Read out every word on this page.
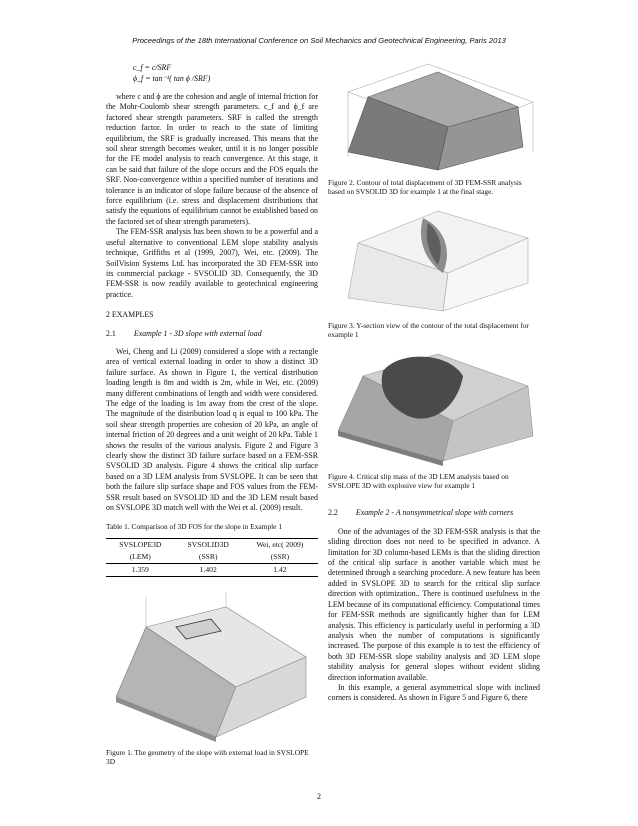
Proceedings of the 18th International Conference on Soil Mechanics and Geotechnical Engineering, Paris 2013

c_f = c/SRF

ϕ_f = tan⁻¹( tan ϕ /SRF)

where c and ϕ are the cohesion and angle of internal friction for the Mohr-Coulomb shear strength parameters. c_f and ϕ_f are factored shear strength parameters. SRF is called the strength reduction factor. In order to reach to the state of limiting equilibrium, the SRF is gradually increased. This means that the soil shear strength becomes weaker, until it is no longer possible for the FE model analysis to reach convergence. At this stage, it can be said that failure of the slope occurs and the FOS equals the SRF. Non-convergence within a specified number of iterations and tolerance is an indicator of slope failure because of the absence of force equilibrium (i.e. stress and displacement distributions that satisfy the equations of equilibrium cannot be established based on the factored set of shear strength parameters).

The FEM-SSR analysis has been shown to be a powerful and a useful alternative to conventional LEM slope stability analysis technique, Griffiths et al (1999, 2007), Wei, etc. (2009). The SoilVision Systems Ltd. has incorporated the 3D FEM-SSR into its commercial package - SVSOLID 3D. Consequently, the 3D FEM-SSR is now readily available to geotechnical engineering practice.

2 EXAMPLES

2.1 Example 1 - 3D slope with external load

Wei, Cheng and Li (2009) considered a slope with a rectangle area of vertical external loading in order to show a distinct 3D failure surface. As shown in Figure 1, the vertical distribution loading length is 8m and width is 2m, while in Wei, etc. (2009) many different combinations of length and width were considered. The edge of the loading is 1m away from the crest of the slope. The magnitude of the distribution load q is equal to 100 kPa. The soil shear strength properties are cohesion of 20 kPa, an angle of internal friction of 20 degrees and a unit weight of 20 kPa. Table 1 shows the results of the various analysis. Figure 2 and Figure 3 clearly show the distinct 3D failure surface based on a FEM-SSR SVSOLID 3D analysis. Figure 4 shows the critical slip surface based on a 3D LEM analysis from SVSLOPE. It can be seen that both the failure slip surface shape and FOS values from the FEM-SSR result based on SVSOLID 3D and the 3D LEM result based on SVSLOPE 3D match well with the Wei et al. (2009) result.

Table 1. Comparison of 3D FOS for the slope in Example 1

SVSLOPE3D	SVSOLID3D	Wei, etc( 2009)
(LEM)	(SSR)	(SSR)
1.359	1.402	1.42

Figure 1. The geometry of the slope with external load in SVSLOPE 3D

Figure 2. Contour of total displacement of 3D FEM-SSR analysis based on SVSOLID 3D for example 1 at the final stage.

Figure 3. Y-section view of the contour of the total displacement for example 1

Figure 4. Critical slip mass of the 3D LEM analysis based on SVSLOPE 3D with explosive view for example 1

2.2 Example 2 - A nonsymmetrical slope with corners

One of the advantages of the 3D FEM-SSR analysis is that the sliding direction does not need to be specified in advance. A limitation for 3D column-based LEMs is that the sliding direction of the critical slip surface is another variable which must be determined through a searching procedure. A new feature has been added in SVSLOPE 3D to search for the critical slip surface direction with optimization.. There is continued usefulness in the LEM because of its computational efficiency. Computational times for FEM-SSR methods are significantly higher than for LEM analysis. This efficiency is particularly useful in performing a 3D analysis when the number of computations is significantly increased. The purpose of this example is to test the efficiency of both 3D FEM-SSR slope stability analysis and 3D LEM slope stability analysis for general slopes without evident sliding direction information available.

In this example, a general asymmetrical slope with inclined corners is considered. As shown in Figure 5 and Figure 6, there

2
